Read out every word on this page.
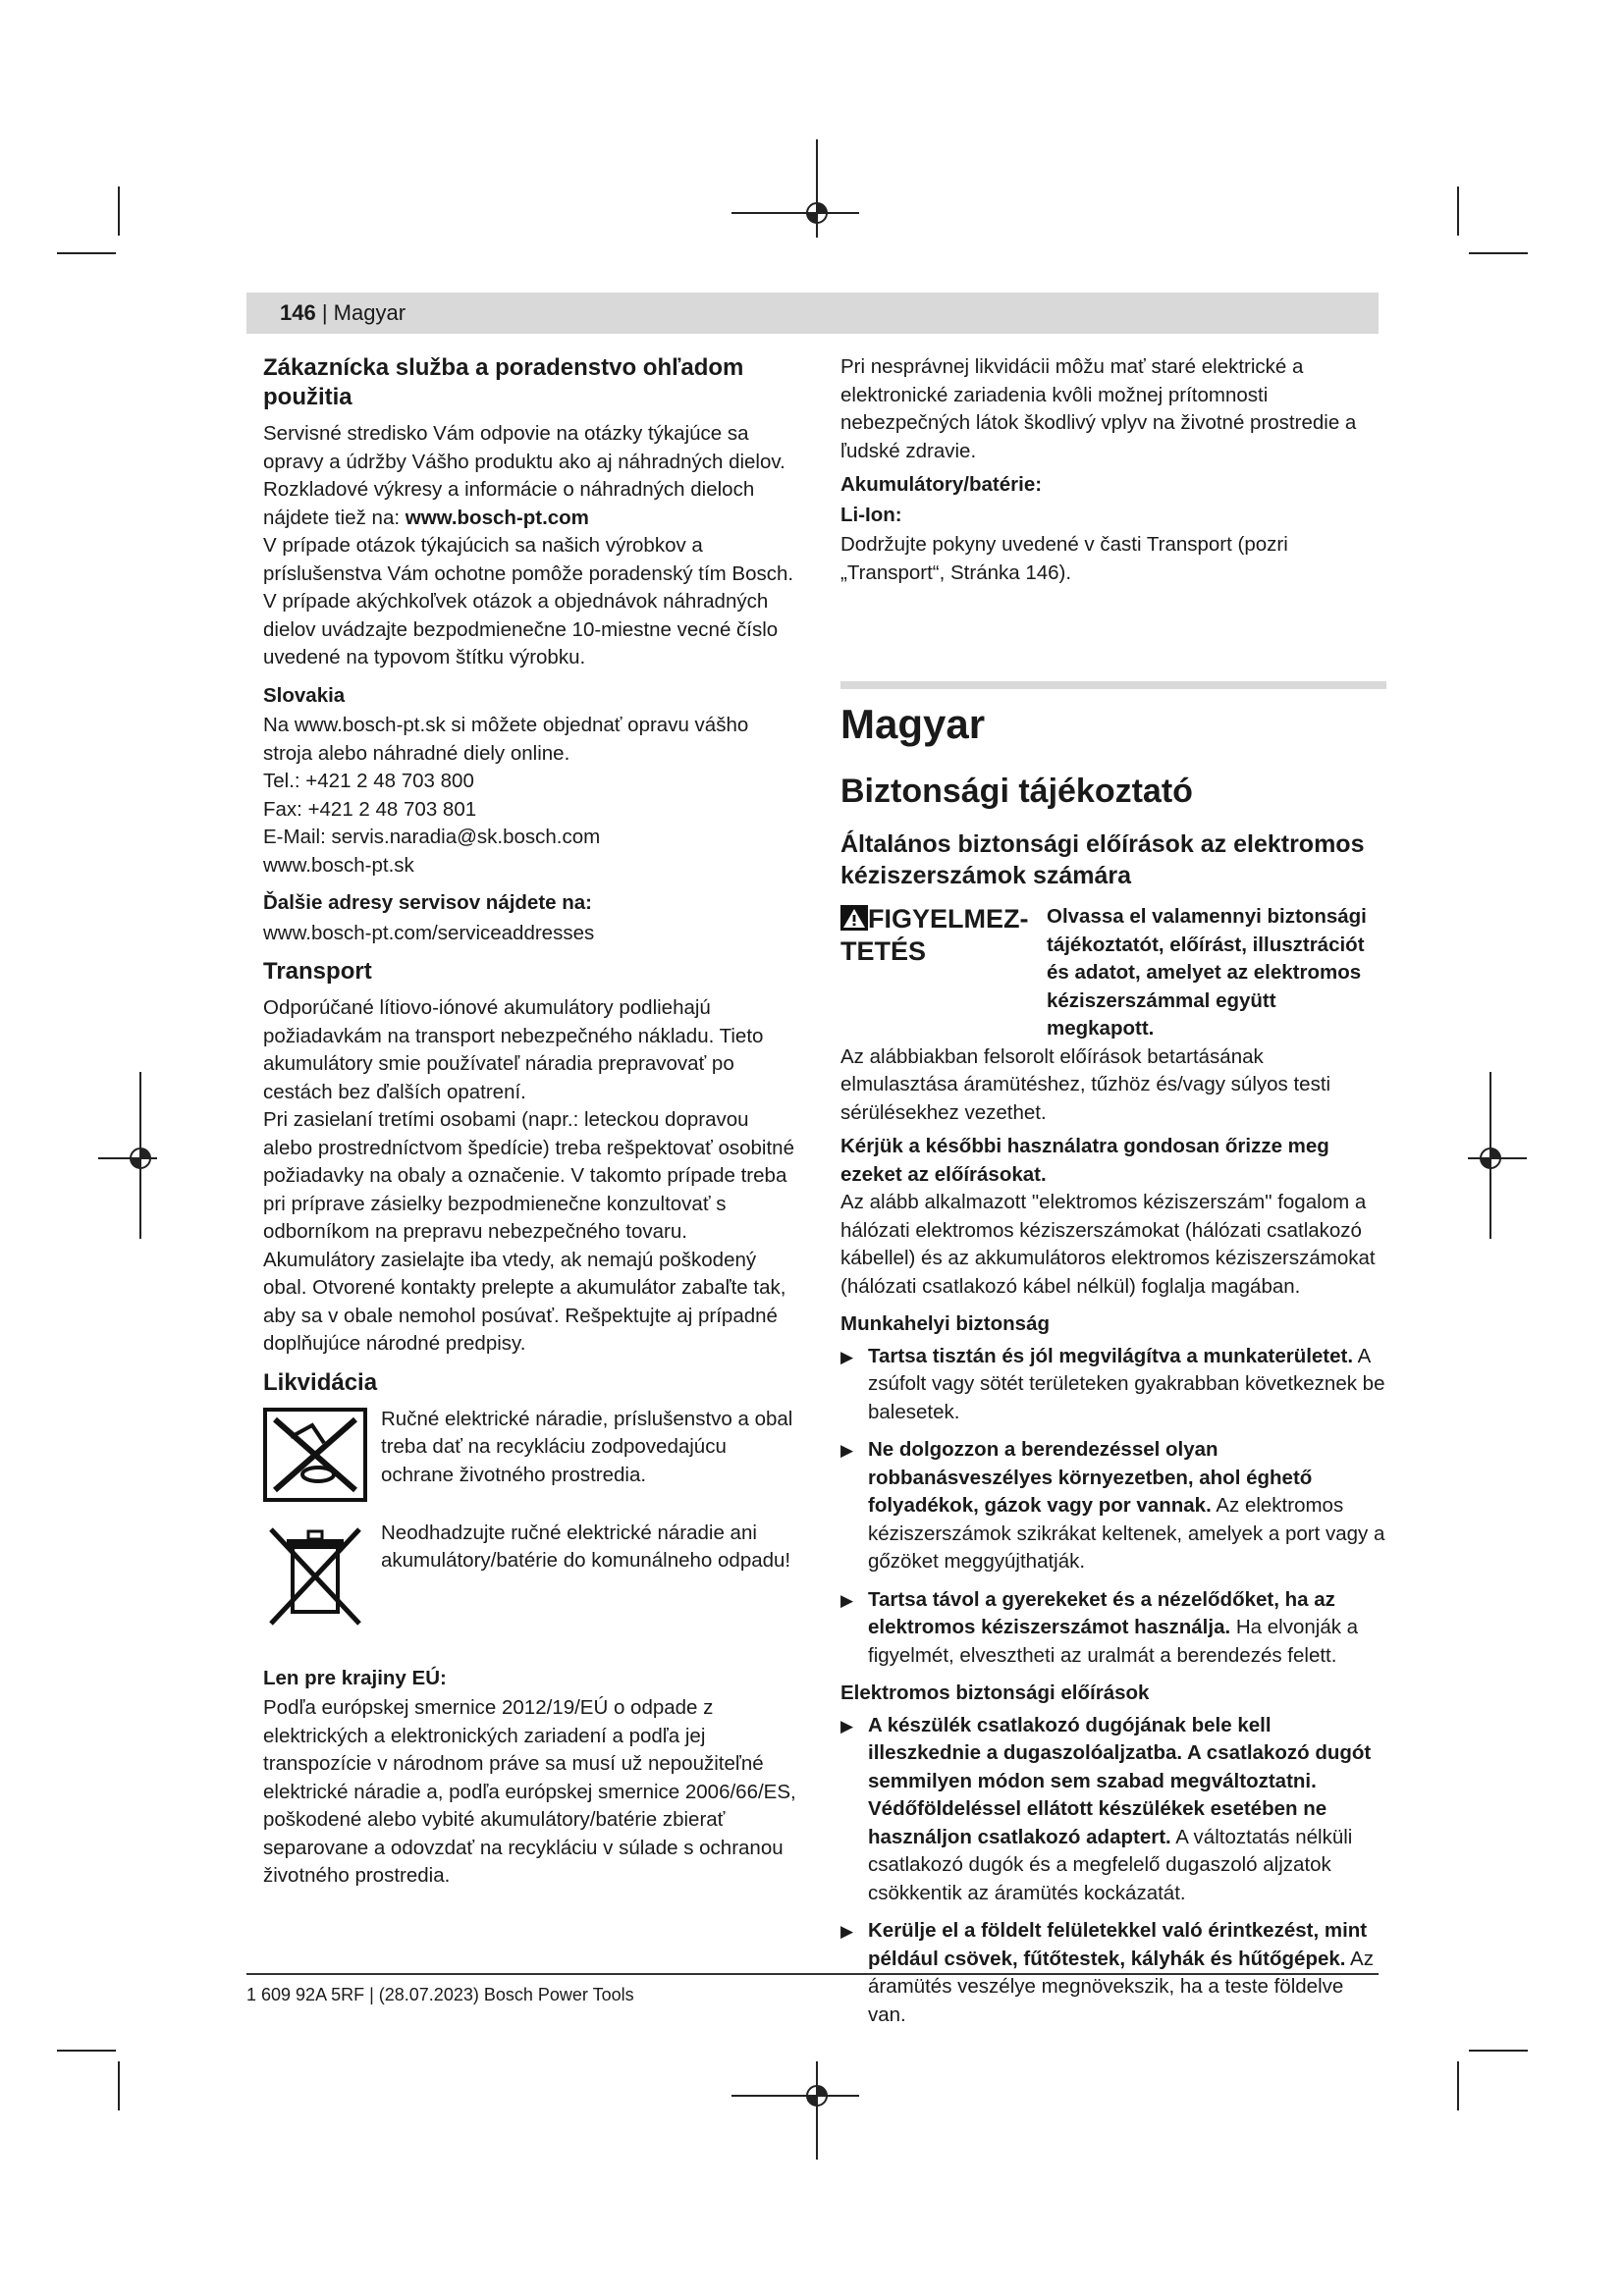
146 | Magyar
Zákaznícka služba a poradenstvo ohľadom použitia

Servisné stredisko Vám odpovie na otázky týkajúce sa opravy a údržby Vášho produktu ako aj náhradných dielov. Rozkladové výkresy a informácie o náhradných dieloch nájdete tiež na: www.bosch-pt.com

V prípade otázok týkajúcich sa našich výrobkov a príslušenstva Vám ochotne pomôže poradenský tím Bosch.

V prípade akýchkoľvek otázok a objednávok náhradných dielov uvádzajte bezpodmienečne 10-miestne vecné číslo uvedené na typovom štítku výrobku.

Slovakia

Na www.bosch-pt.sk si môžete objednať opravu vášho stroja alebo náhradné diely online.

Tel.: +421 2 48 703 800

Fax: +421 2 48 703 801

E-Mail: servis.naradia@sk.bosch.com

www.bosch-pt.sk

Ďalšie adresy servisov nájdete na:

www.bosch-pt.com/serviceaddresses

Transport

Odporúčané lítiovo-iónové akumulátory podliehajú požiadavkám na transport nebezpečného nákladu. Tieto akumulátory smie používateľ náradia prepravovať po cestách bez ďalších opatrení.

Pri zasielaní tretími osobami (napr.: leteckou dopravou alebo prostredníctvom špedície) treba rešpektovať osobitné požiadavky na obaly a označenie. V takomto prípade treba pri príprave zásielky bezpodmienečne konzultovať s odborníkom na prepravu nebezpečného tovaru.

Akumulátory zasielajte iba vtedy, ak nemajú poškodený obal. Otvorené kontakty prelepte a akumulátor zabaľte tak, aby sa v obale nemohol posúvať. Rešpektujte aj prípadné doplňujúce národné predpisy.

Likvidácia
Ručné elektrické náradie, príslušenstvo a obal treba dať na recykláciu zodpovedajúcu ochrane životného prostredia.
Neodhadzujte ručné elektrické náradie ani akumulátory/batérie do komunálneho odpadu!
Len pre krajiny EÚ:

Podľa európskej smernice 2012/19/EÚ o odpade z elektrických a elektronických zariadení a podľa jej transpozície v národnom práve sa musí už nepoužiteľné elektrické náradie a, podľa európskej smernice 2006/66/ES, poškodené alebo vybité akumulátory/batérie zbierať separovane a odovzdať na recykláciu v súlade s ochranou životného prostredia.

Pri nesprávnej likvidácii môžu mať staré elektrické a elektronické zariadenia kvôli možnej prítomnosti nebezpečných látok škodlivý vplyv na životné prostredie a ľudské zdravie.

Akumulátory/batérie:
Li-Ion:

Dodržujte pokyny uvedené v časti Transport (pozri „Transport“, Stránka 146).

Magyar
Biztonsági tájékoztató
Általános biztonsági előírások az elektromos kéziszerszámok számára
FIGYELMEZ-TETÉS
Olvassa el valamennyi biztonsági tájékoztatót, előírást, illusztrációt és adatot, amelyet az elektromos kéziszerszámmal együtt megkapott.

Az alábbiakban felsorolt előírások betartásának elmulasztása áramütéshez, tűzhöz és/vagy súlyos testi sérülésekhez vezethet.

Kérjük a későbbi használatra gondosan őrizze meg ezeket az előírásokat.

Az alább alkalmazott "elektromos kéziszerszám" fogalom a hálózati elektromos kéziszerszámokat (hálózati csatlakozó kábellel) és az akkumulátoros elektromos kéziszerszámokat (hálózati csatlakozó kábel nélkül) foglalja magában.

Munkahelyi biztonság
▶ Tartsa tisztán és jól megvilágítva a munkaterületet. A zsúfolt vagy sötét területeken gyakrabban következnek be balesetek.
▶ Ne dolgozzon a berendezéssel olyan robbanásveszélyes környezetben, ahol éghető folyadékok, gázok vagy por vannak. Az elektromos kéziszerszámok szikrákat keltenek, amelyek a port vagy a gőzöket meggyújthatják.
▶ Tartsa távol a gyerekeket és a nézelődőket, ha az elektromos kéziszerszámot használja. Ha elvonják a figyelmét, elvesztheti az uralmát a berendezés felett.
Elektromos biztonsági előírások
▶ A készülék csatlakozó dugójának bele kell illeszkednie a dugaszolóaljzatba. A csatlakozó dugót semmilyen módon sem szabad megváltoztatni. Védőföldeléssel ellátott készülékek esetében ne használjon csatlakozó adaptert. A változtatás nélküli csatlakozó dugók és a megfelelő dugaszoló aljzatok csökkentik az áramütés kockázatát.
▶ Kerülje el a földelt felületekkel való érintkezést, mint például csövek, fűtőtestek, kályhák és hűtőgépek. Az áramütés veszélye megnövekszik, ha a teste földelve van.
1 609 92A 5RF | (28.07.2023) Bosch Power Tools
